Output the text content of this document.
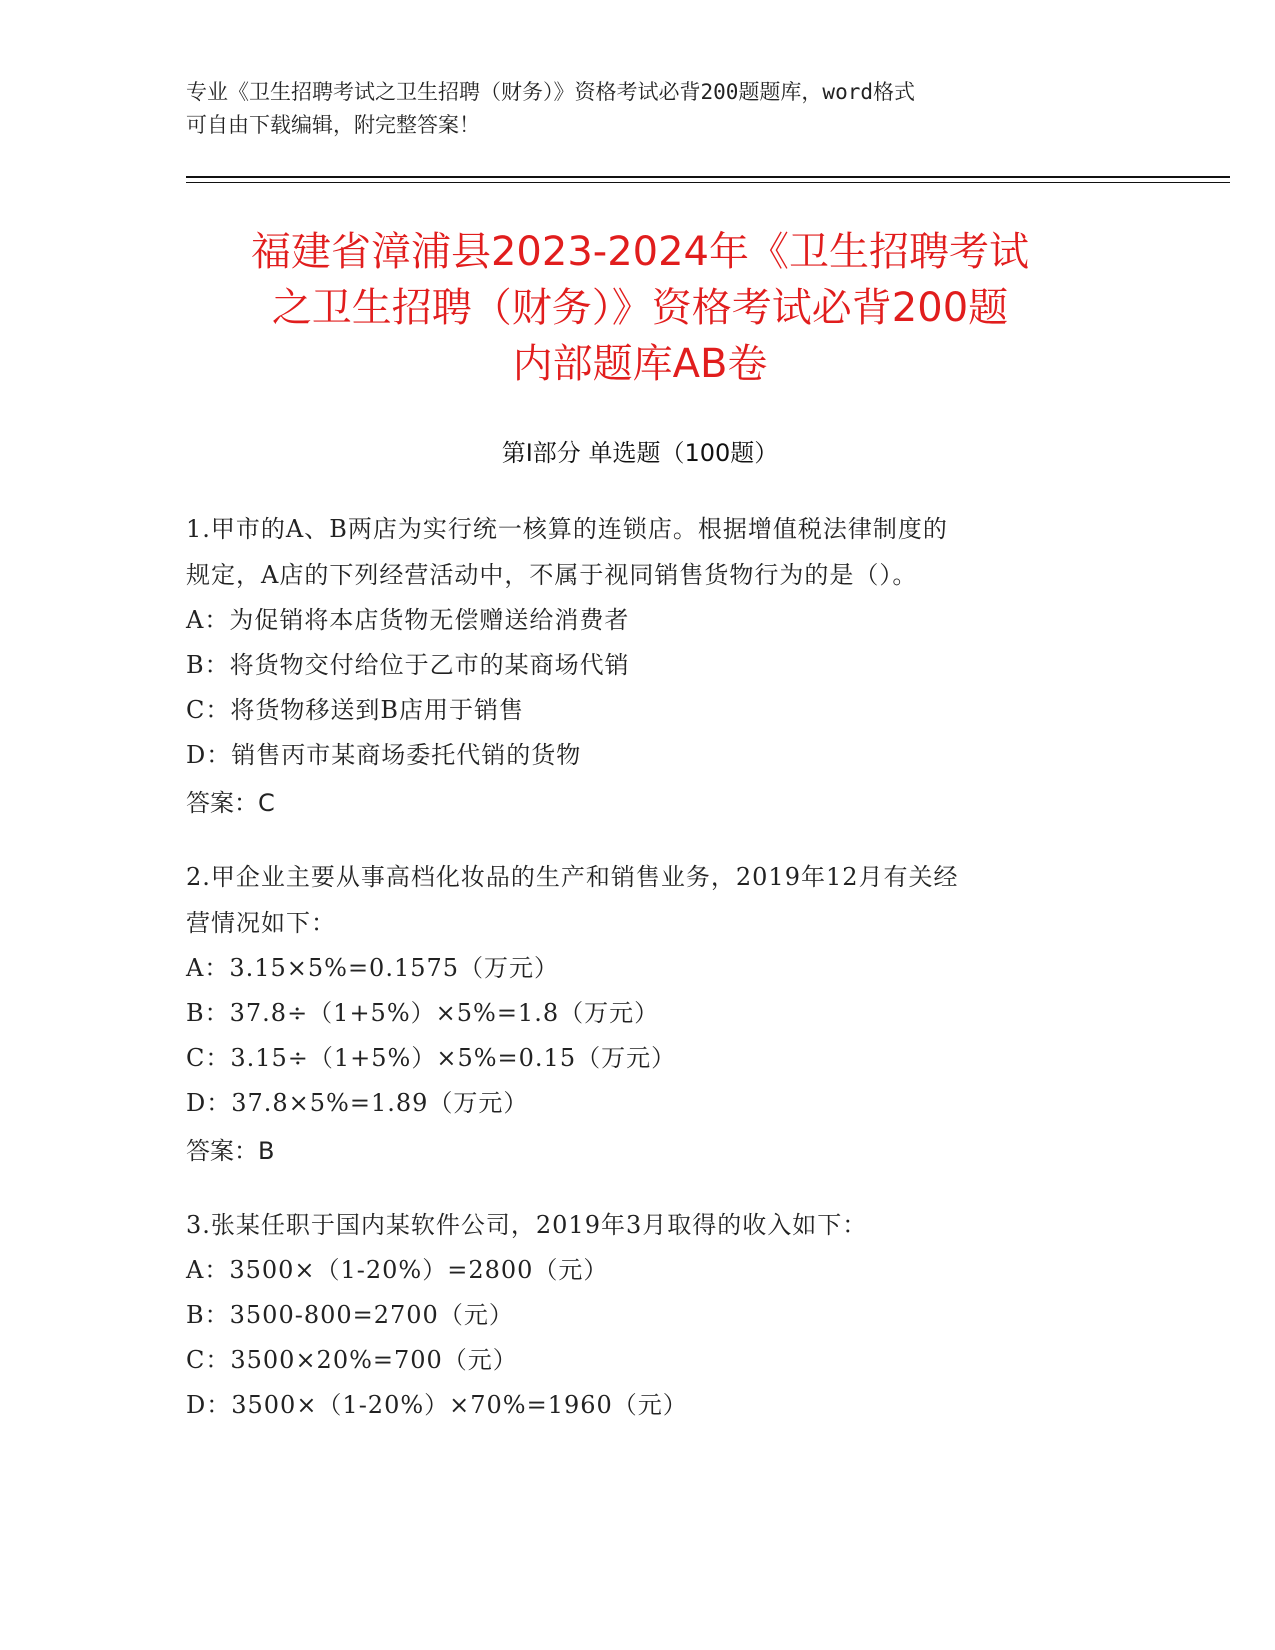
专业《卫生招聘考试之卫生招聘（财务）》资格考试必背200题题库，word格式
可自由下载编辑，附完整答案！
福建省漳浦县2023-2024年《卫生招聘考试
之卫生招聘（财务）》资格考试必背200题
内部题库AB卷
第Ⅰ部分 单选题（100题）
1.甲市的A、B两店为实行统一核算的连锁店。根据增值税法律制度的
规定，A店的下列经营活动中，不属于视同销售货物行为的是（）。
A：为促销将本店货物无偿赠送给消费者
B：将货物交付给位于乙市的某商场代销
C：将货物移送到B店用于销售
D：销售丙市某商场委托代销的货物
答案：C
2.甲企业主要从事高档化妆品的生产和销售业务，2019年12月有关经
营情况如下：
A：3.15×5%=0.1575（万元）
B：37.8÷（1+5%）×5%=1.8（万元）
C：3.15÷（1+5%）×5%=0.15（万元）
D：37.8×5%=1.89（万元）
答案：B
3.张某任职于国内某软件公司，2019年3月取得的收入如下：
A：3500×（1-20%）=2800（元）
B：3500-800=2700（元）
C：3500×20%=700（元）
D：3500×（1-20%）×70%=1960（元）
